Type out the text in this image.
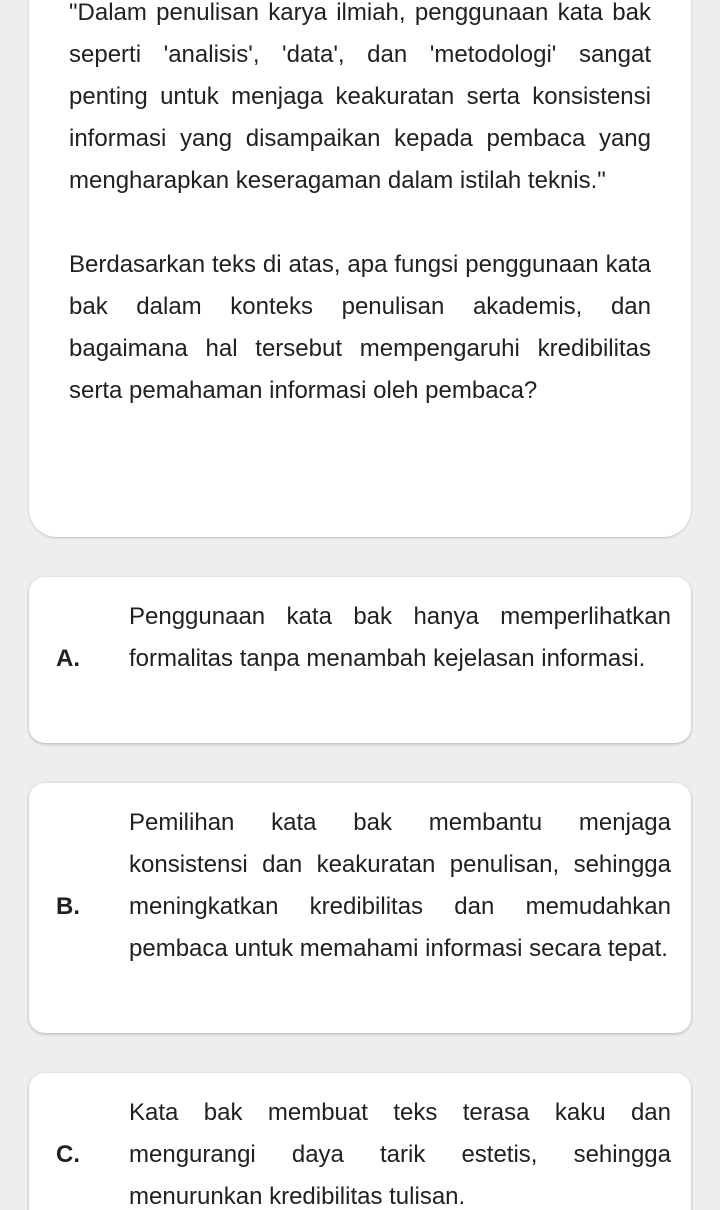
"Dalam penulisan karya ilmiah, penggunaan kata bak seperti 'analisis', 'data', dan 'metodologi' sangat penting untuk menjaga keakuratan serta konsistensi informasi yang disampaikan kepada pembaca yang mengharapkan keseragaman dalam istilah teknis."

Berdasarkan teks di atas, apa fungsi penggunaan kata bak dalam konteks penulisan akademis, dan bagaimana hal tersebut mempengaruhi kredibilitas serta pemahaman informasi oleh pembaca?

A.

Penggunaan kata bak hanya memperlihatkan formalitas tanpa menambah kejelasan informasi.

B.

Pemilihan kata bak membantu menjaga konsistensi dan keakuratan penulisan, sehingga meningkatkan kredibilitas dan memudahkan pembaca untuk memahami informasi secara tepat.

C.

Kata bak membuat teks terasa kaku dan mengurangi daya tarik estetis, sehingga menurunkan kredibilitas tulisan.
